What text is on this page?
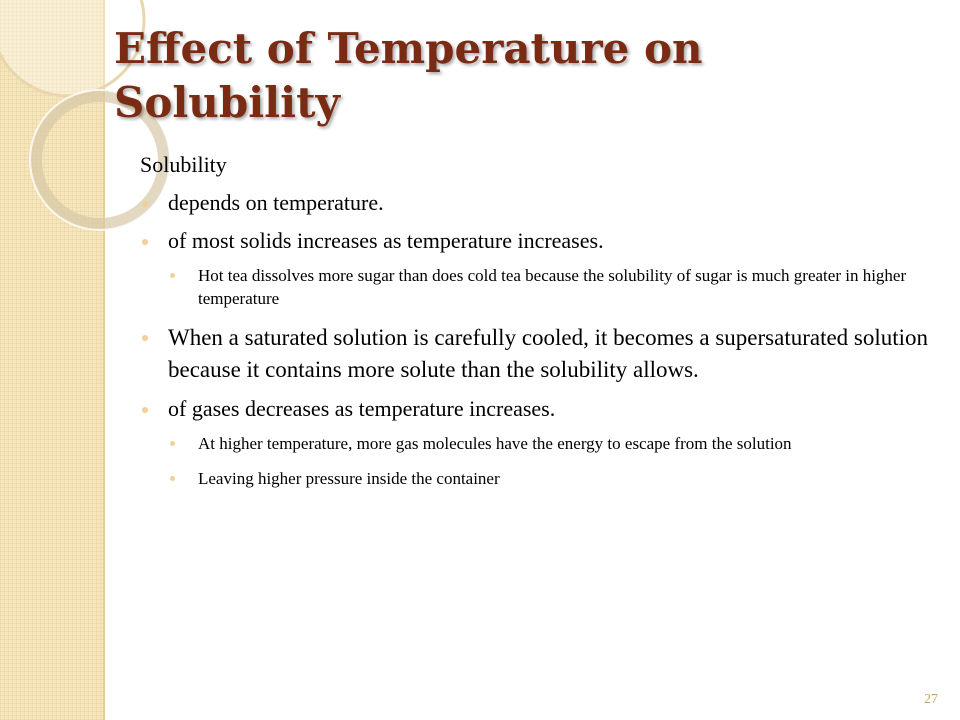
Effect of Temperature on Solubility
Solubility
depends on temperature.
of most solids increases as temperature increases.
Hot tea dissolves more sugar than does cold tea because the solubility of sugar is much greater in higher temperature
When a saturated solution is carefully cooled, it becomes a supersaturated solution because it contains more solute than the solubility allows.
of gases decreases as temperature increases.
At higher temperature, more gas molecules have the energy to escape from the solution
Leaving higher pressure inside the container
27
